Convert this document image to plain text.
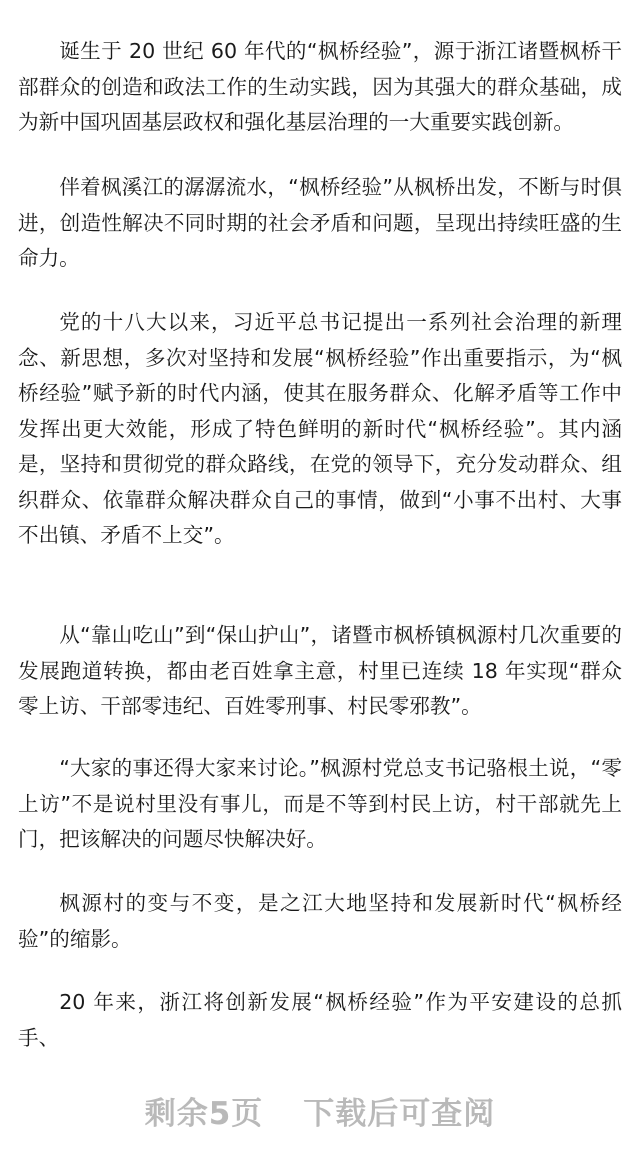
诞生于 20 世纪 60 年代的“枫桥经验”，源于浙江诸暨枫桥干部群众的创造和政法工作的生动实践，因为其强大的群众基础，成为新中国巩固基层政权和强化基层治理的一大重要实践创新。

伴着枫溪江的潺潺流水，“枫桥经验”从枫桥出发，不断与时俱进，创造性解决不同时期的社会矛盾和问题，呈现出持续旺盛的生命力。

党的十八大以来，习近平总书记提出一系列社会治理的新理念、新思想，多次对坚持和发展“枫桥经验”作出重要指示，为“枫桥经验”赋予新的时代内涵，使其在服务群众、化解矛盾等工作中发挥出更大效能，形成了特色鲜明的新时代“枫桥经验”。其内涵是，坚持和贯彻党的群众路线，在党的领导下，充分发动群众、组织群众、依靠群众解决群众自己的事情，做到“小事不出村、大事不出镇、矛盾不上交”。

从“靠山吃山”到“保山护山”，诸暨市枫桥镇枫源村几次重要的发展跑道转换，都由老百姓拿主意，村里已连续 18 年实现“群众零上访、干部零违纪、百姓零刑事、村民零邪教”。

“大家的事还得大家来讨论。”枫源村党总支书记骆根土说，“零上访”不是说村里没有事儿，而是不等到村民上访，村干部就先上门，把该解决的问题尽快解决好。

枫源村的变与不变，是之江大地坚持和发展新时代“枫桥经验”的缩影。

20 年来，浙江将创新发展“枫桥经验”作为平安建设的总抓手、

剩余5页 下载后可查阅
